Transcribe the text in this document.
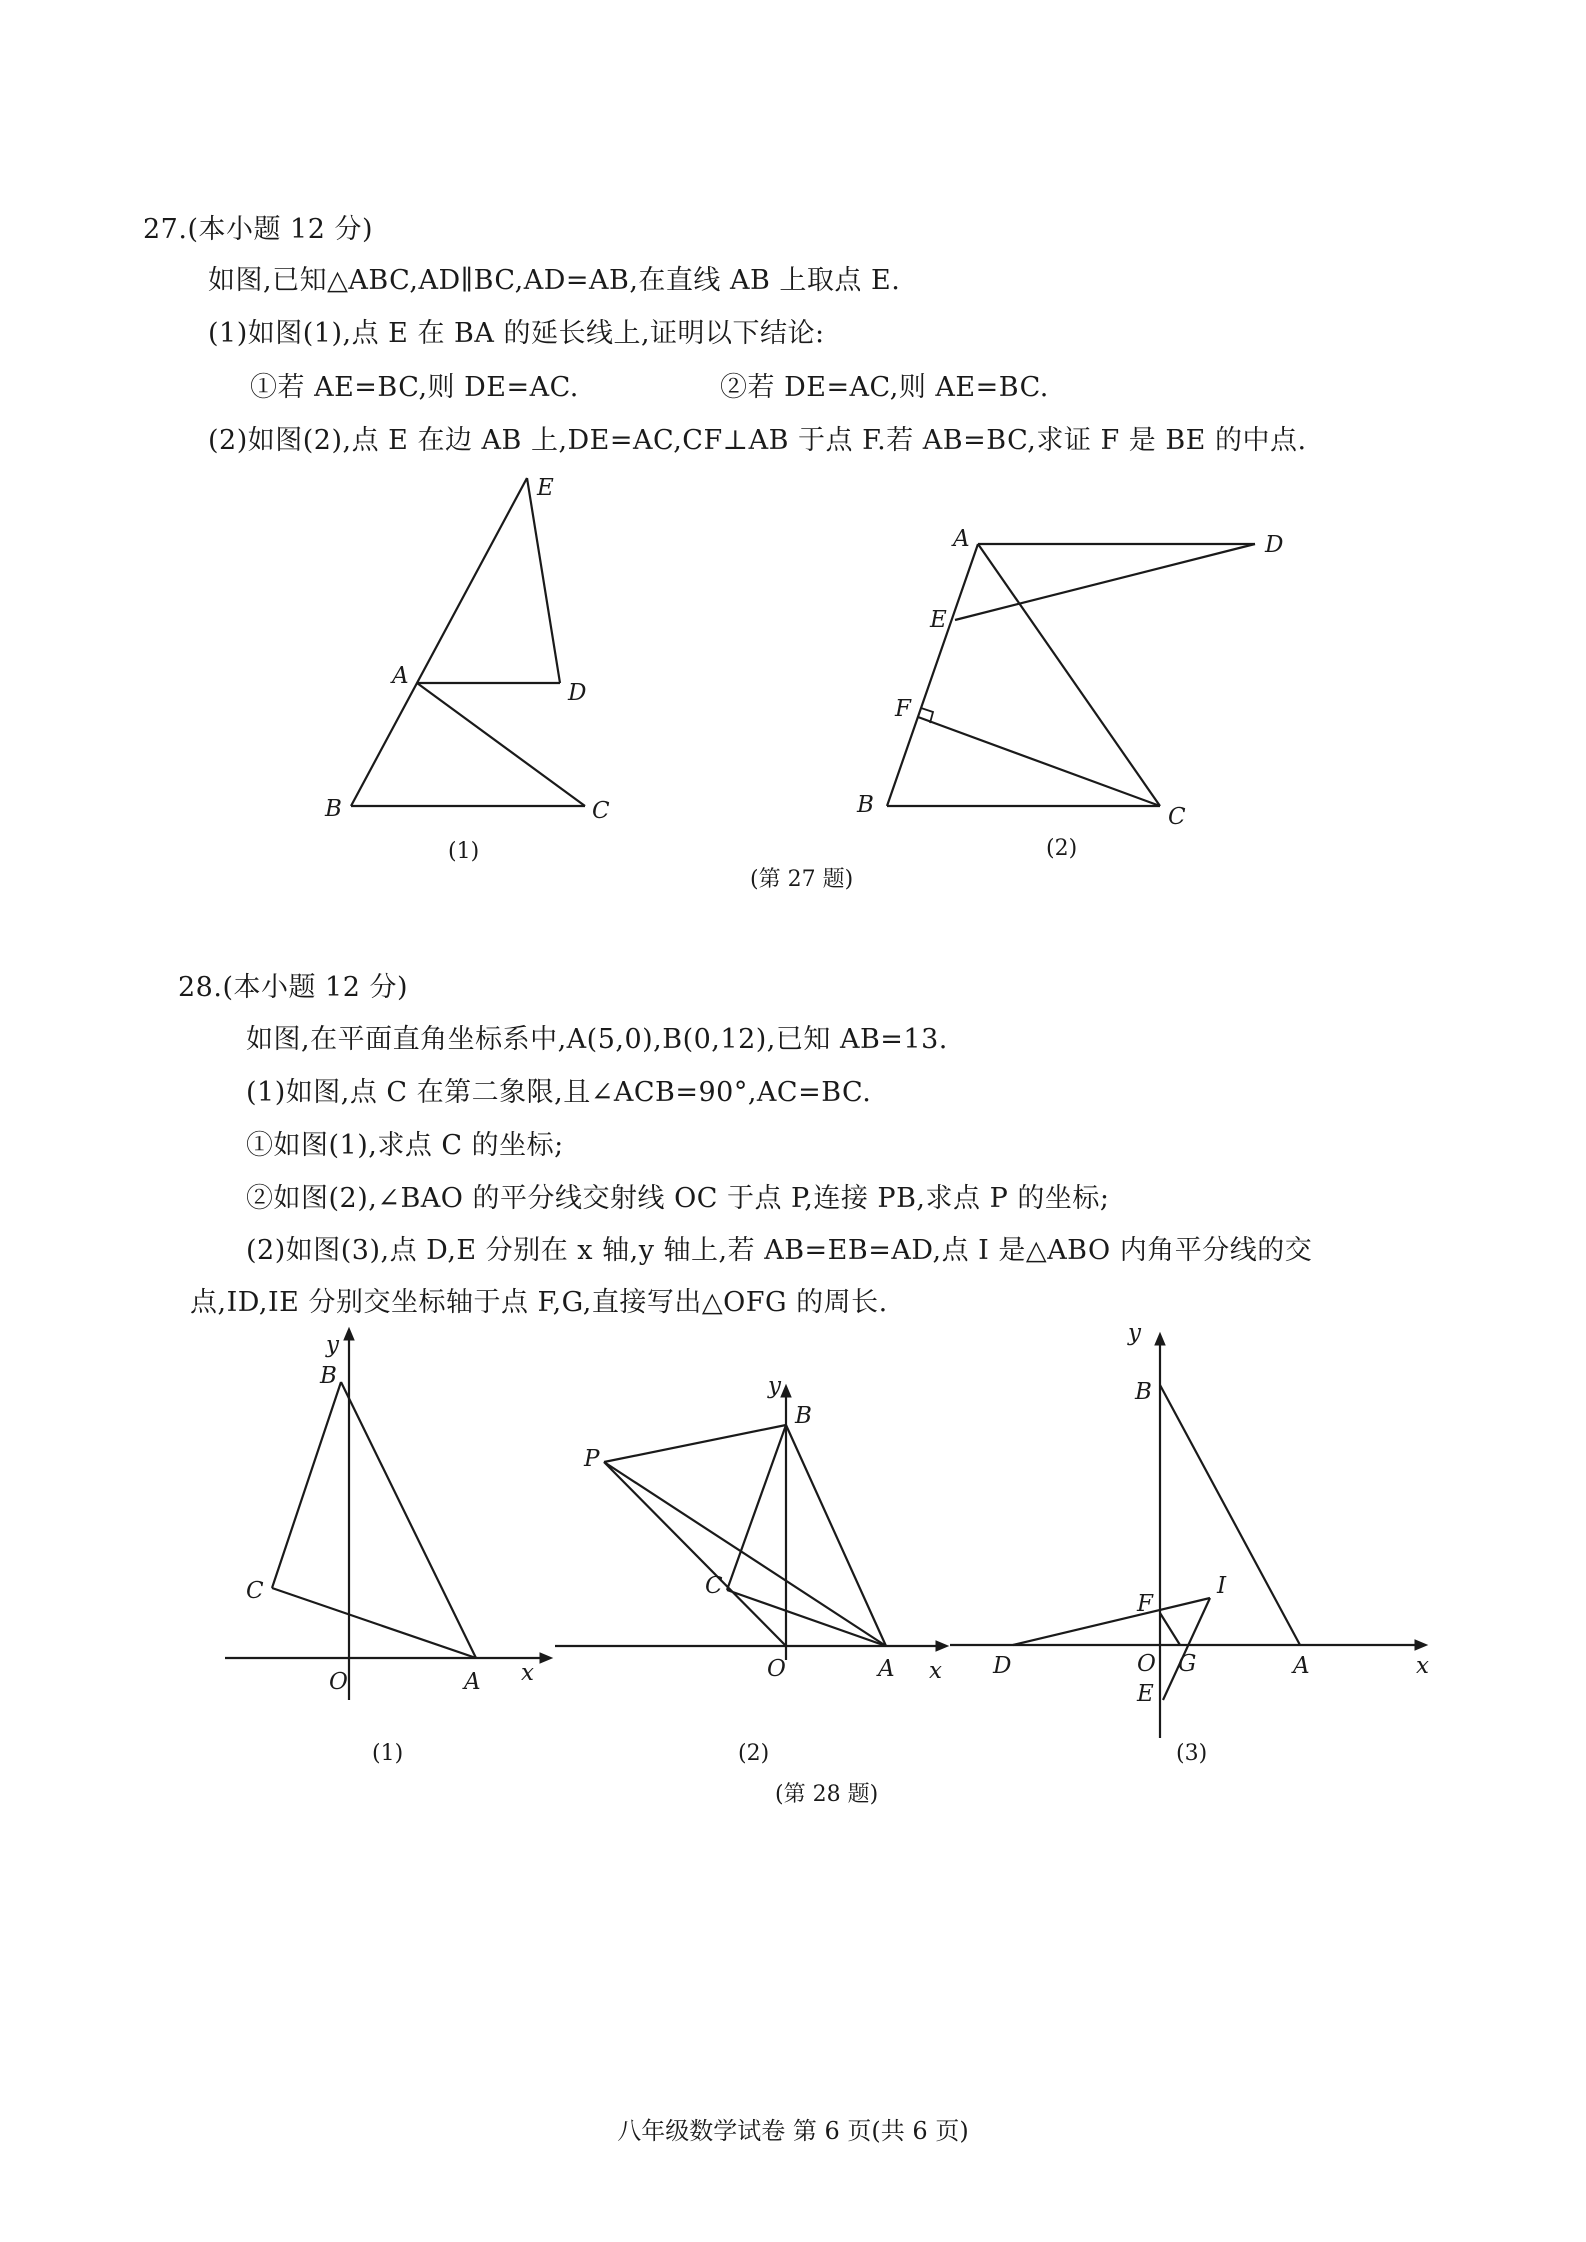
27.(本小题 12 分)
如图,已知△ABC,AD∥BC,AD=AB,在直线 AB 上取点 E.
(1)如图(1),点 E 在 BA 的延长线上,证明以下结论:
①若 AE=BC,则 DE=AC.	②若 DE=AC,则 AE=BC.
(2)如图(2),点 E 在边 AB 上,DE=AC,CF⊥AB 于点 F.若 AB=BC,求证 F 是 BE 的中点.
E
A
D
B	C
A	D
E
F
B	C
(1)	(2)
(第 27 题)
28.(本小题 12 分)
如图,在平面直角坐标系中,A(5,0),B(0,12),已知 AB=13.
(1)如图,点 C 在第二象限,且∠ACB=90°,AC=BC.
①如图(1),求点 C 的坐标;
②如图(2),∠BAO 的平分线交射线 OC 于点 P,连接 PB,求点 P 的坐标;
(2)如图(3),点 D,E 分别在 x 轴,y 轴上,若 AB=EB=AD,点 I 是△ABO 内角平分线的交
点,ID,IE 分别交坐标轴于点 F,G,直接写出△OFG 的周长.
y
B
C
O	A x
y
B
P
C
O	A x
y
B
F
I
D	O G	A
E
x
(1)	(2)	(3)
(第 28 题)
八年级数学试卷 第 6 页(共 6 页)
